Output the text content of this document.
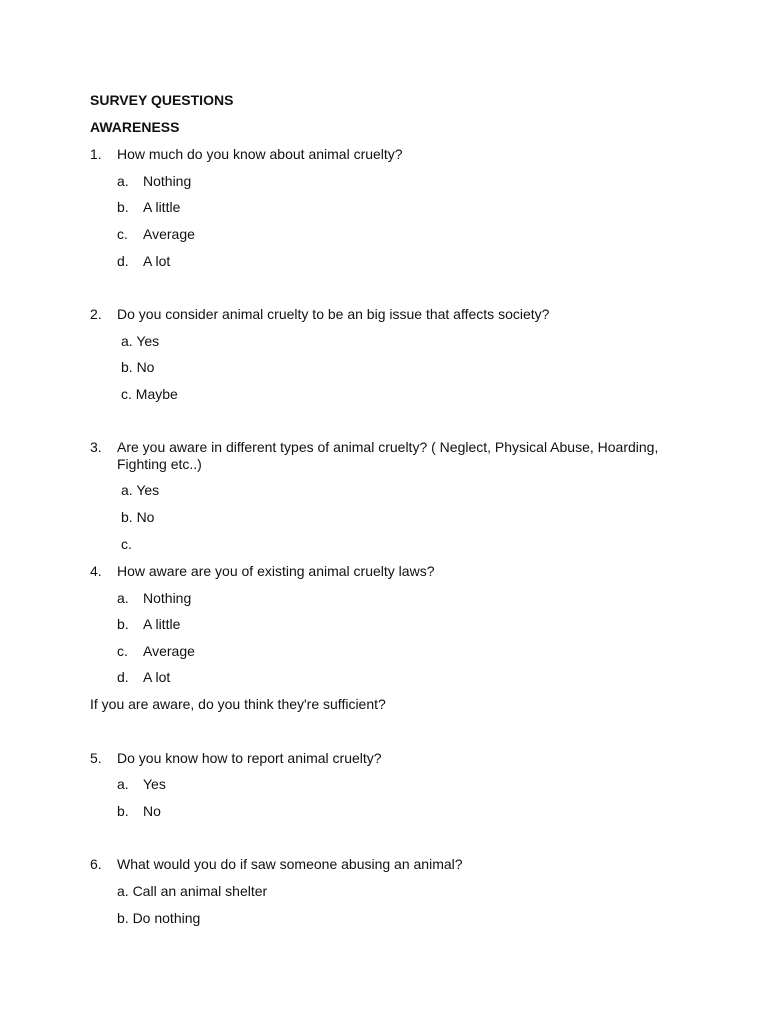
SURVEY QUESTIONS
AWARENESS
1. How much do you know about animal cruelty?
a. Nothing
b. A little
c. Average
d. A lot
2. Do you consider animal cruelty to be an big issue that affects society?
a. Yes
b. No
c. Maybe
3. Are you aware in different types of animal cruelty? ( Neglect, Physical Abuse, Hoarding,
Fighting etc..)
a. Yes
b. No
c.
4. How aware are you of existing animal cruelty laws?
a. Nothing
b. A little
c. Average
d. A lot
If you are aware, do you think they're sufficient?
5. Do you know how to report animal cruelty?
a. Yes
b. No
6. What would you do if saw someone abusing an animal?
a. Call an animal shelter
b. Do nothing
